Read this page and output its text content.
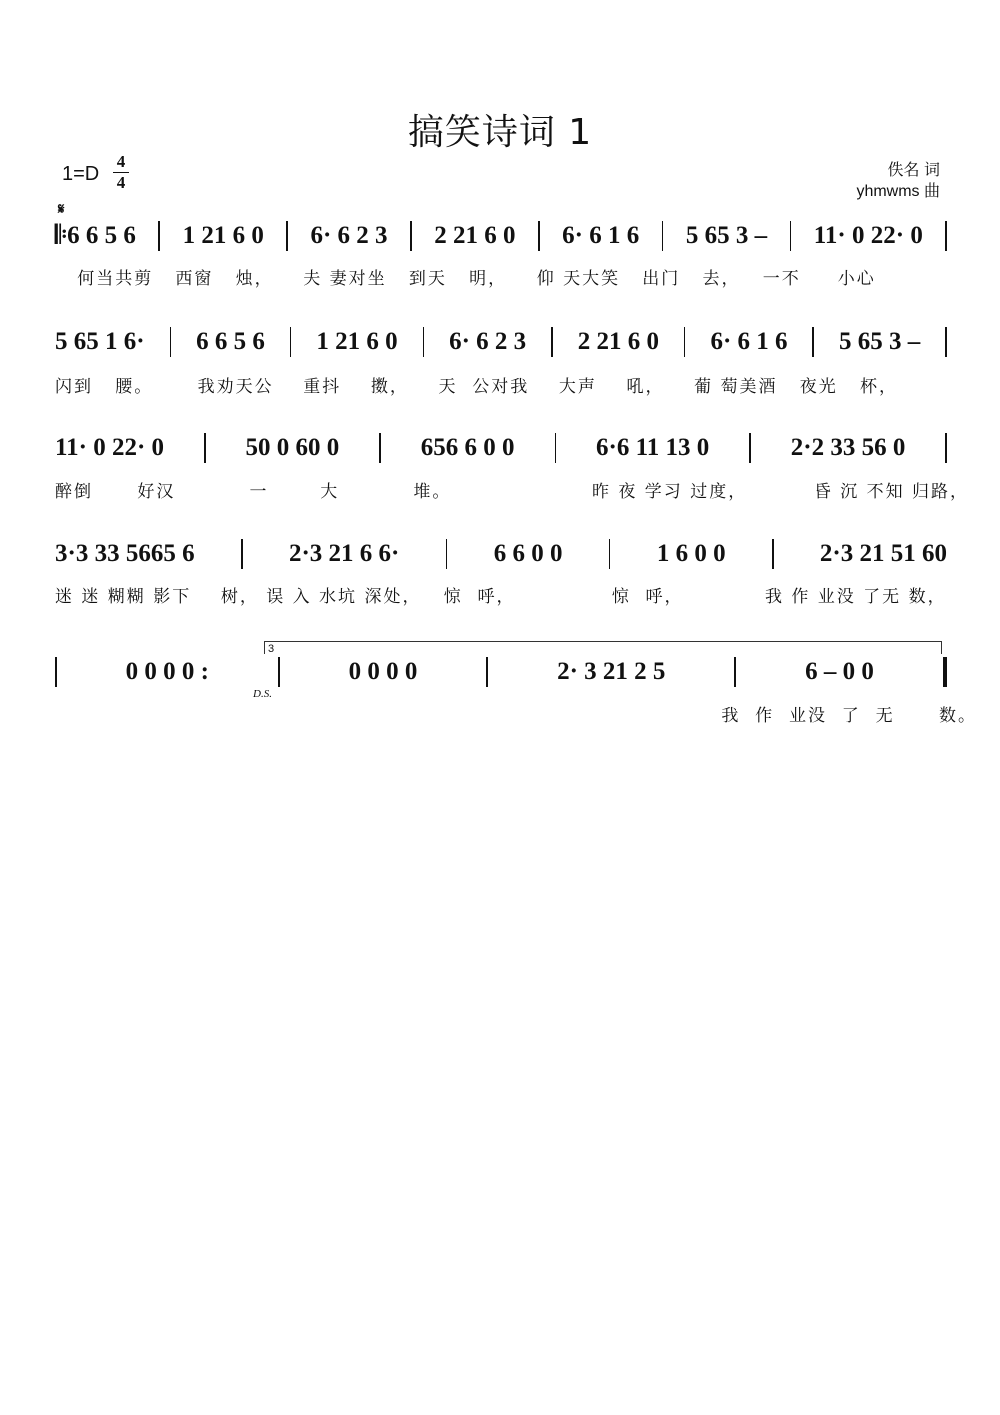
搞笑诗词 1
1=D
4
4
佚名 词
yhmwms 曲
𝄋
𝄆6 6 5 6 1 21 6 0 6· 6 2 3 2 21 6 0 6· 6 1 6 5 65 3 – 11· 0 22· 0
何当共剪   西窗   烛，    夫 妻对坐   到天   明，    仰 天大笑   出门   去，   一不     小心
5 65 1 6· 6 6 5 6 1 21 6 0 6· 6 2 3 2 21 6 0 6· 6 1 6 5 65 3 –
闪到   腰。      我劝天公    重抖    擞，    天  公对我    大声    吼，    葡 萄美酒   夜光   杯，
11· 0 22· 0	50 0 60 0	656 6 0 0	6·6 11 13 0	2·2 33 56 0
醉倒      好汉          一       大          堆。                   昨 夜 学习 过度，         昏 沉 不知 归路，
3·3 33 5665 6	2·3 21 6 6·	6 6 0 0	1 6 0 0	2·3 21 51 60
迷 迷 糊糊 影下    树， 误 入 水坑 深处，   惊  呼，             惊  呼，           我 作 业没 了无 数，
3
D.S.
0 0 0 0 :	0 0 0 0	2· 3 21 2 5	6 – 0 0
我  作  业没  了  无      数。
